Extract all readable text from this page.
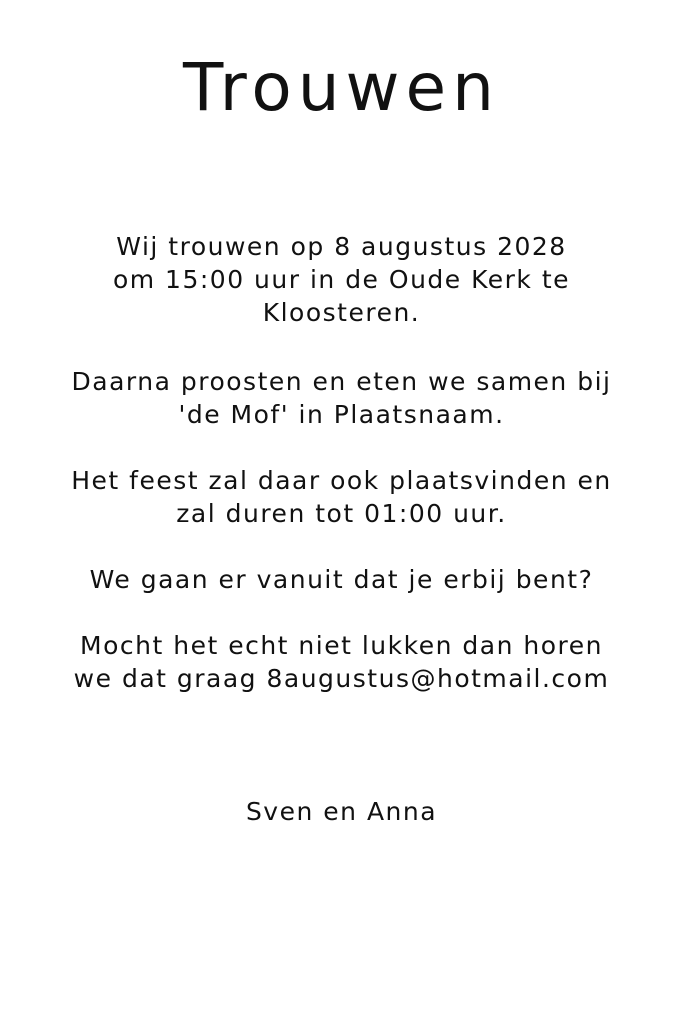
Trouwen
Wij trouwen op 8 augustus 2028
om 15:00 uur in de Oude Kerk te
Kloosteren.
Daarna proosten en eten we samen bij
'de Mof' in Plaatsnaam.
Het feest zal daar ook plaatsvinden en
zal duren tot 01:00 uur.
We gaan er vanuit dat je erbij bent?
Mocht het echt niet lukken dan horen
we dat graag 8augustus@hotmail.com
Sven en Anna
